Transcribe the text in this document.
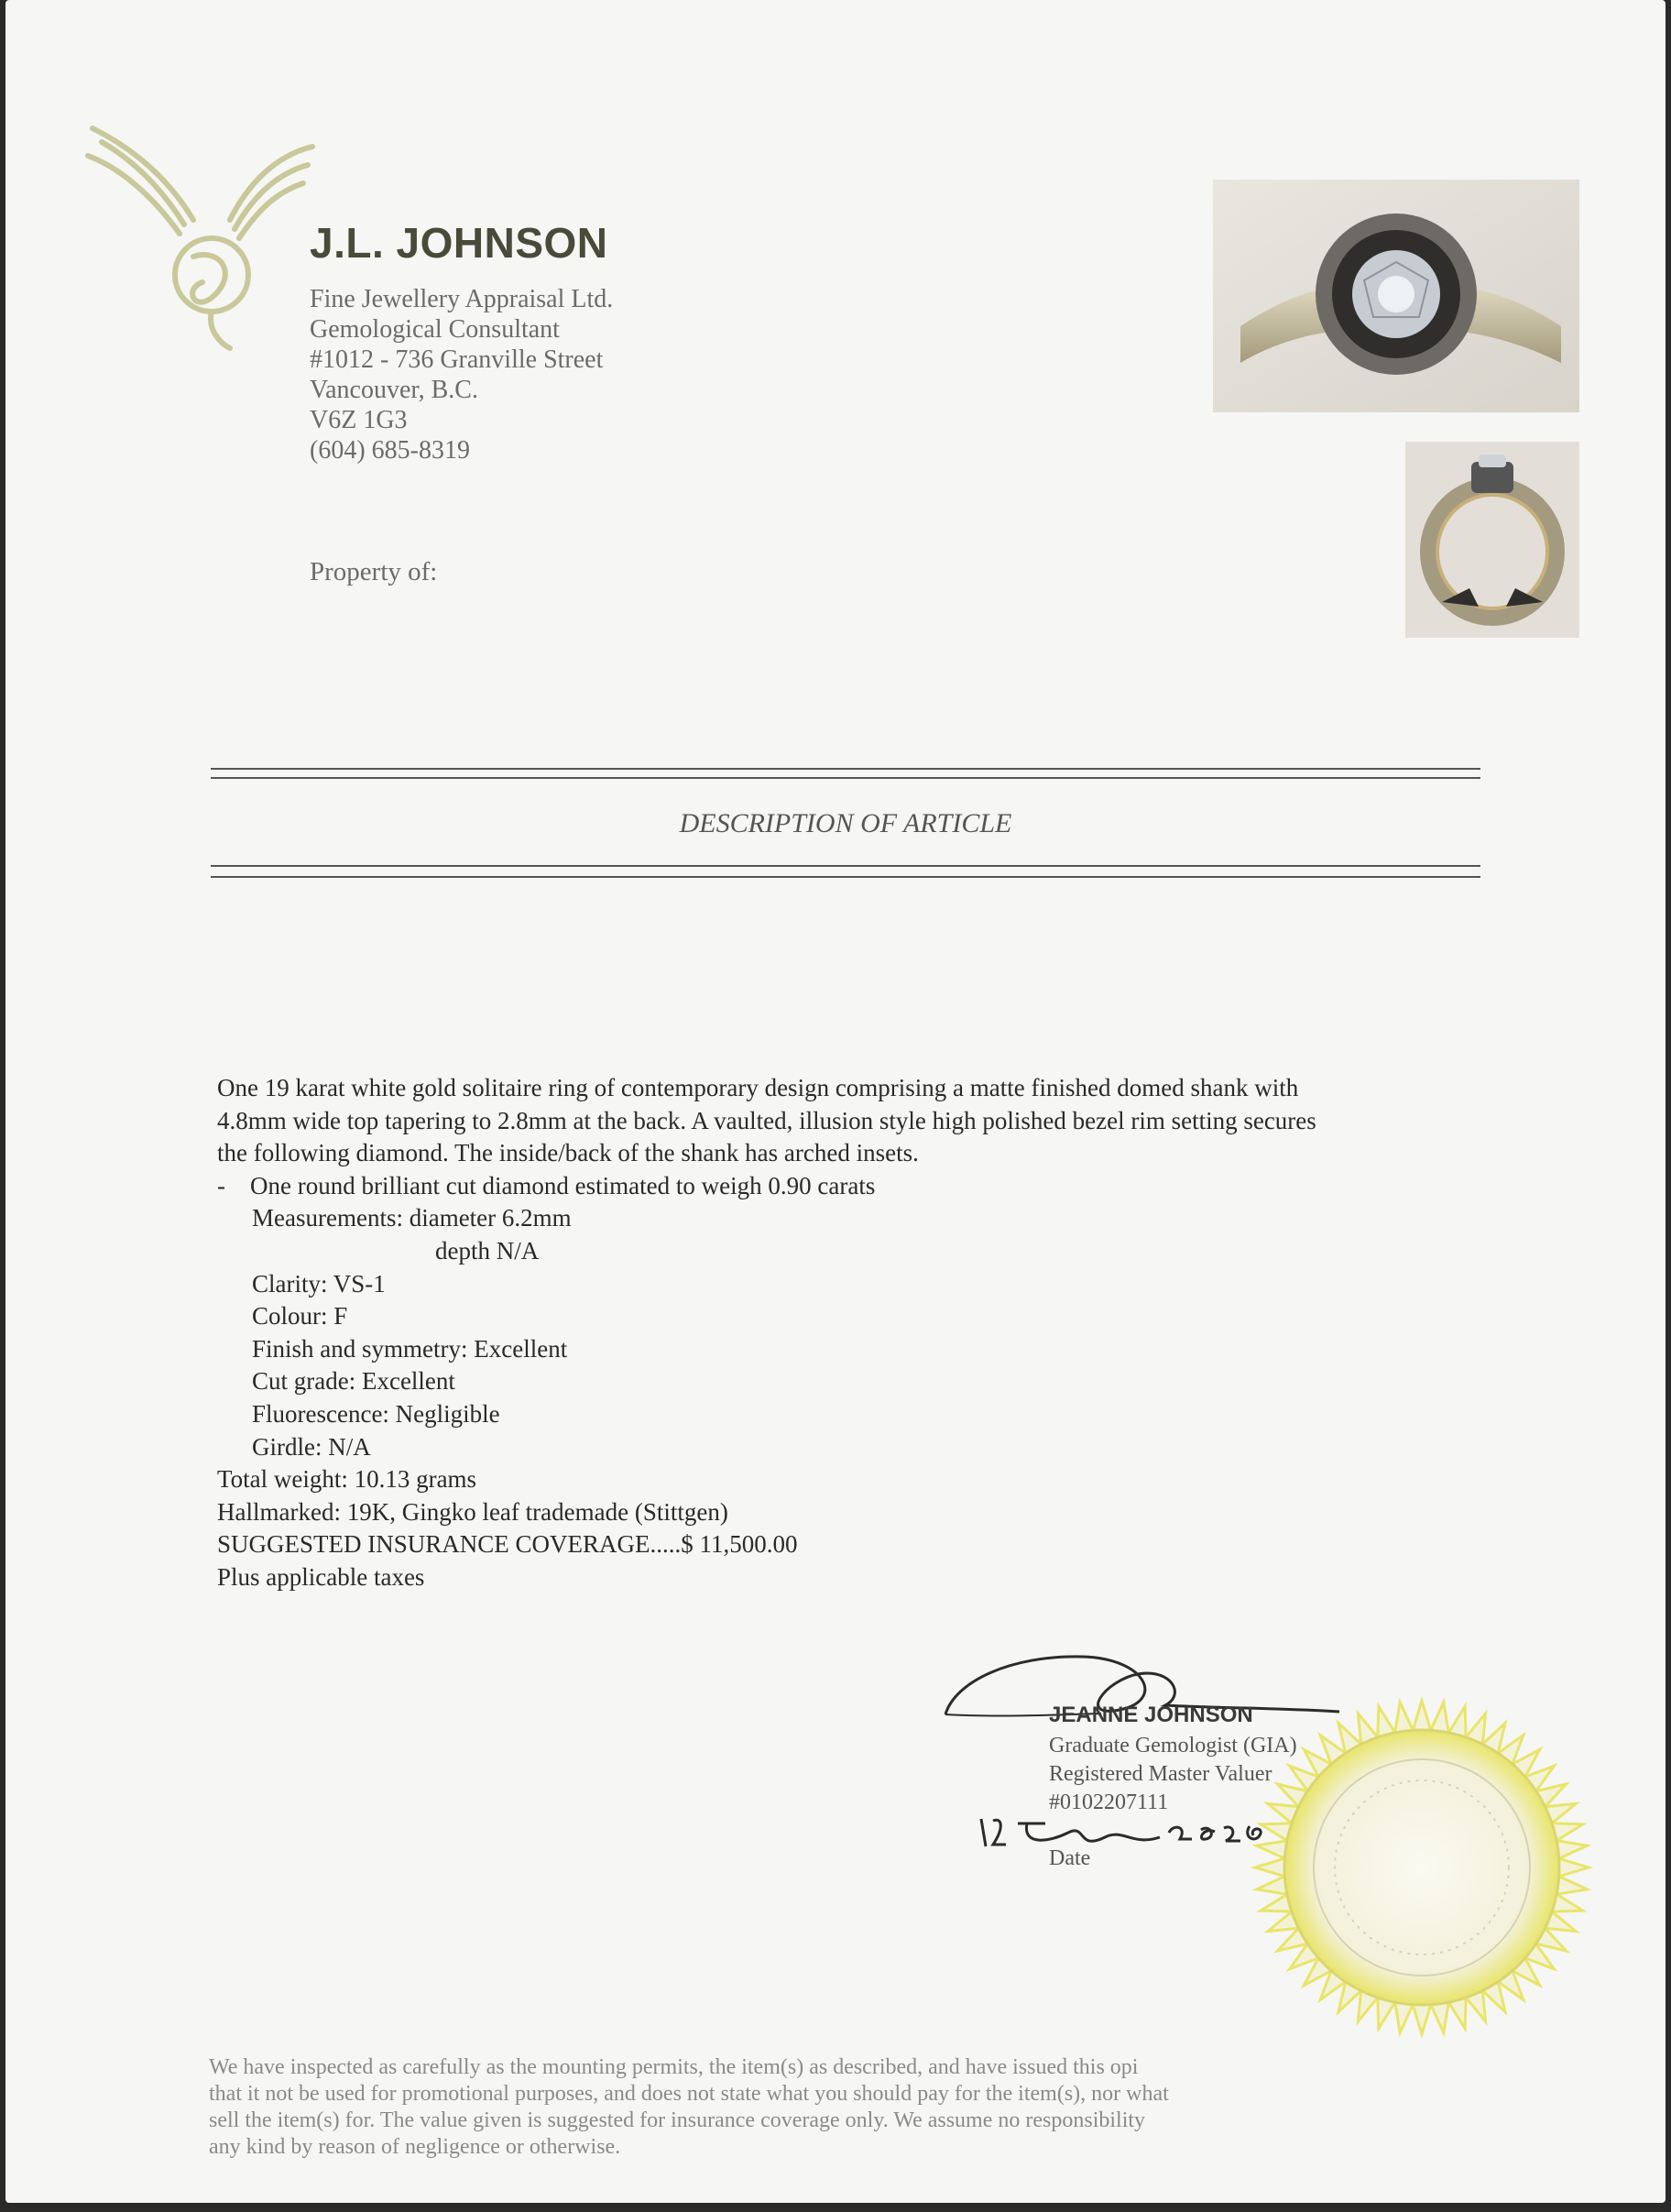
J.L. JOHNSON
Fine Jewellery Appraisal Ltd.
Gemological Consultant
#1012 - 736 Granville Street
Vancouver, B.C.
V6Z 1G3
(604) 685-8319
Property of:
DESCRIPTION OF ARTICLE
One 19 karat white gold solitaire ring of contemporary design comprising a matte finished domed shank with
4.8mm wide top tapering to 2.8mm at the back. A vaulted, illusion style high polished bezel rim setting secures
the following diamond. The inside/back of the shank has arched insets.
- One round brilliant cut diamond estimated to weigh 0.90 carats
Measurements: diameter 6.2mm
depth N/A
Clarity: VS-1
Colour: F
Finish and symmetry: Excellent
Cut grade: Excellent
Fluorescence: Negligible
Girdle: N/A
Total weight: 10.13 grams
Hallmarked: 19K, Gingko leaf trademade (Stittgen)
SUGGESTED INSURANCE COVERAGE.....$ 11,500.00
Plus applicable taxes
JEANNE JOHNSON
Graduate Gemologist (GIA)
Registered Master Valuer
#0102207111
Date
We have inspected as carefully as the mounting permits, the item(s) as described, and have issued this opi
that it not be used for promotional purposes, and does not state what you should pay for the item(s), nor what
sell the item(s) for. The value given is suggested for insurance coverage only. We assume no responsibility
any kind by reason of negligence or otherwise.
